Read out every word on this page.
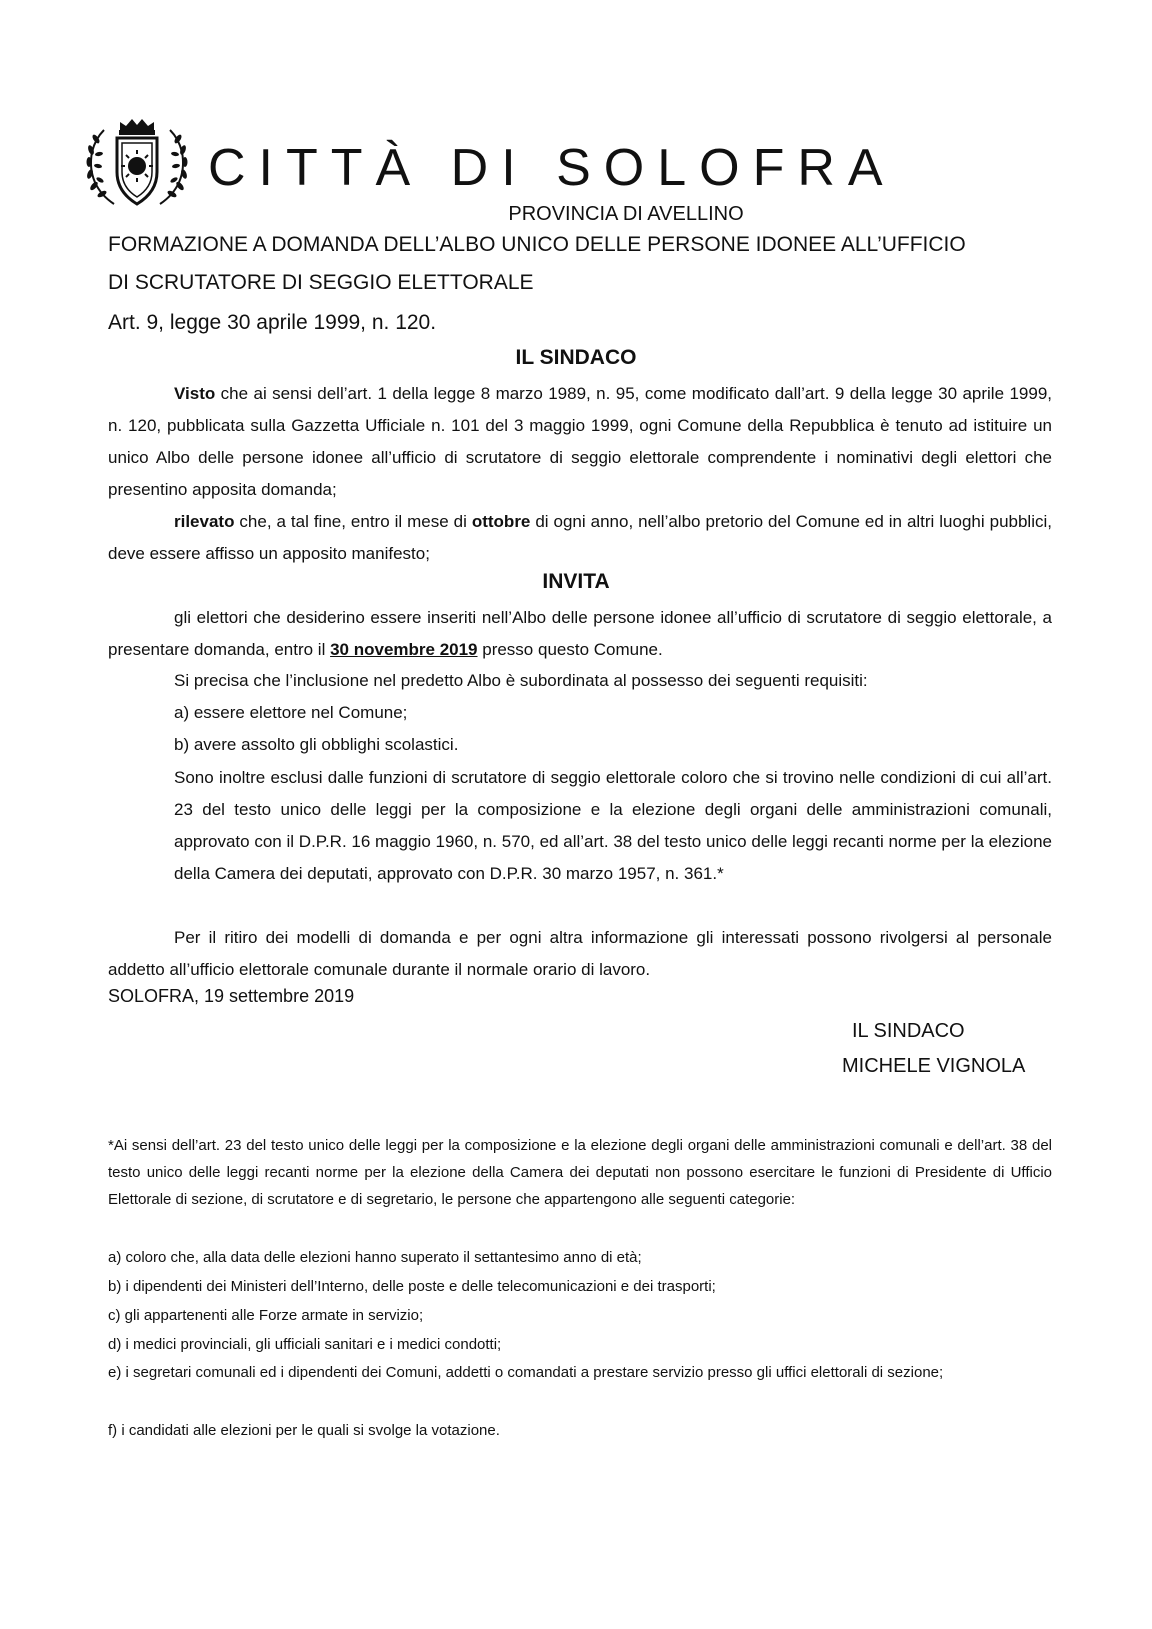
CITTÀ DI SOLOFRA
PROVINCIA DI AVELLINO
FORMAZIONE A DOMANDA DELL’ALBO UNICO DELLE PERSONE IDONEE ALL’UFFICIO
DI SCRUTATORE DI SEGGIO ELETTORALE
Art. 9, legge 30 aprile 1999, n. 120.
IL SINDACO
Visto che ai sensi dell’art. 1 della legge 8 marzo 1989, n. 95, come modificato dall’art. 9 della legge 30 aprile 1999, n. 120, pubblicata sulla Gazzetta Ufficiale n. 101 del 3 maggio 1999, ogni Comune della Repubblica è tenuto ad istituire un unico Albo delle persone idonee all’ufficio di scrutatore di seggio elettorale comprendente i nominativi degli elettori che presentino apposita domanda;
rilevato che, a tal fine, entro il mese di ottobre di ogni anno, nell’albo pretorio del Comune ed in altri luoghi pubblici, deve essere affisso un apposito manifesto;
INVITA
gli elettori che desiderino essere inseriti nell’Albo delle persone idonee all’ufficio di scrutatore di seggio elettorale, a presentare domanda, entro il 30 novembre 2019 presso questo Comune.
Si precisa che l’inclusione nel predetto Albo è subordinata al possesso dei seguenti requisiti:
a) essere elettore nel Comune;
b) avere assolto gli obblighi scolastici.
Sono inoltre esclusi dalle funzioni di scrutatore di seggio elettorale coloro che si trovino nelle condizioni di cui all’art. 23 del testo unico delle leggi per la composizione e la elezione degli organi delle amministrazioni comunali, approvato con il D.P.R. 16 maggio 1960, n. 570, ed all’art. 38 del testo unico delle leggi recanti norme per la elezione della Camera dei deputati, approvato con D.P.R. 30 marzo 1957, n. 361.*
Per il ritiro dei modelli di domanda e per ogni altra informazione gli interessati possono rivolgersi al personale addetto all’ufficio elettorale comunale durante il normale orario di lavoro.
SOLOFRA, 19 settembre 2019
IL SINDACO
MICHELE VIGNOLA
*Ai sensi dell’art. 23 del testo unico delle leggi per la composizione e la elezione degli organi delle amministrazioni comunali e dell’art. 38 del testo unico delle leggi recanti norme per la elezione della Camera dei deputati non possono esercitare le funzioni di Presidente di Ufficio Elettorale di sezione, di scrutatore e di segretario, le persone che appartengono alle seguenti categorie:
a) coloro che, alla data delle elezioni hanno superato il settantesimo anno di età;
b) i dipendenti dei Ministeri dell’Interno, delle poste e delle telecomunicazioni e dei trasporti;
c) gli appartenenti alle Forze armate in servizio;
d) i medici provinciali, gli ufficiali sanitari e i medici condotti;
e) i segretari comunali ed i dipendenti dei Comuni, addetti o comandati a prestare servizio presso gli uffici elettorali di sezione;
f) i candidati alle elezioni per le quali si svolge la votazione.
